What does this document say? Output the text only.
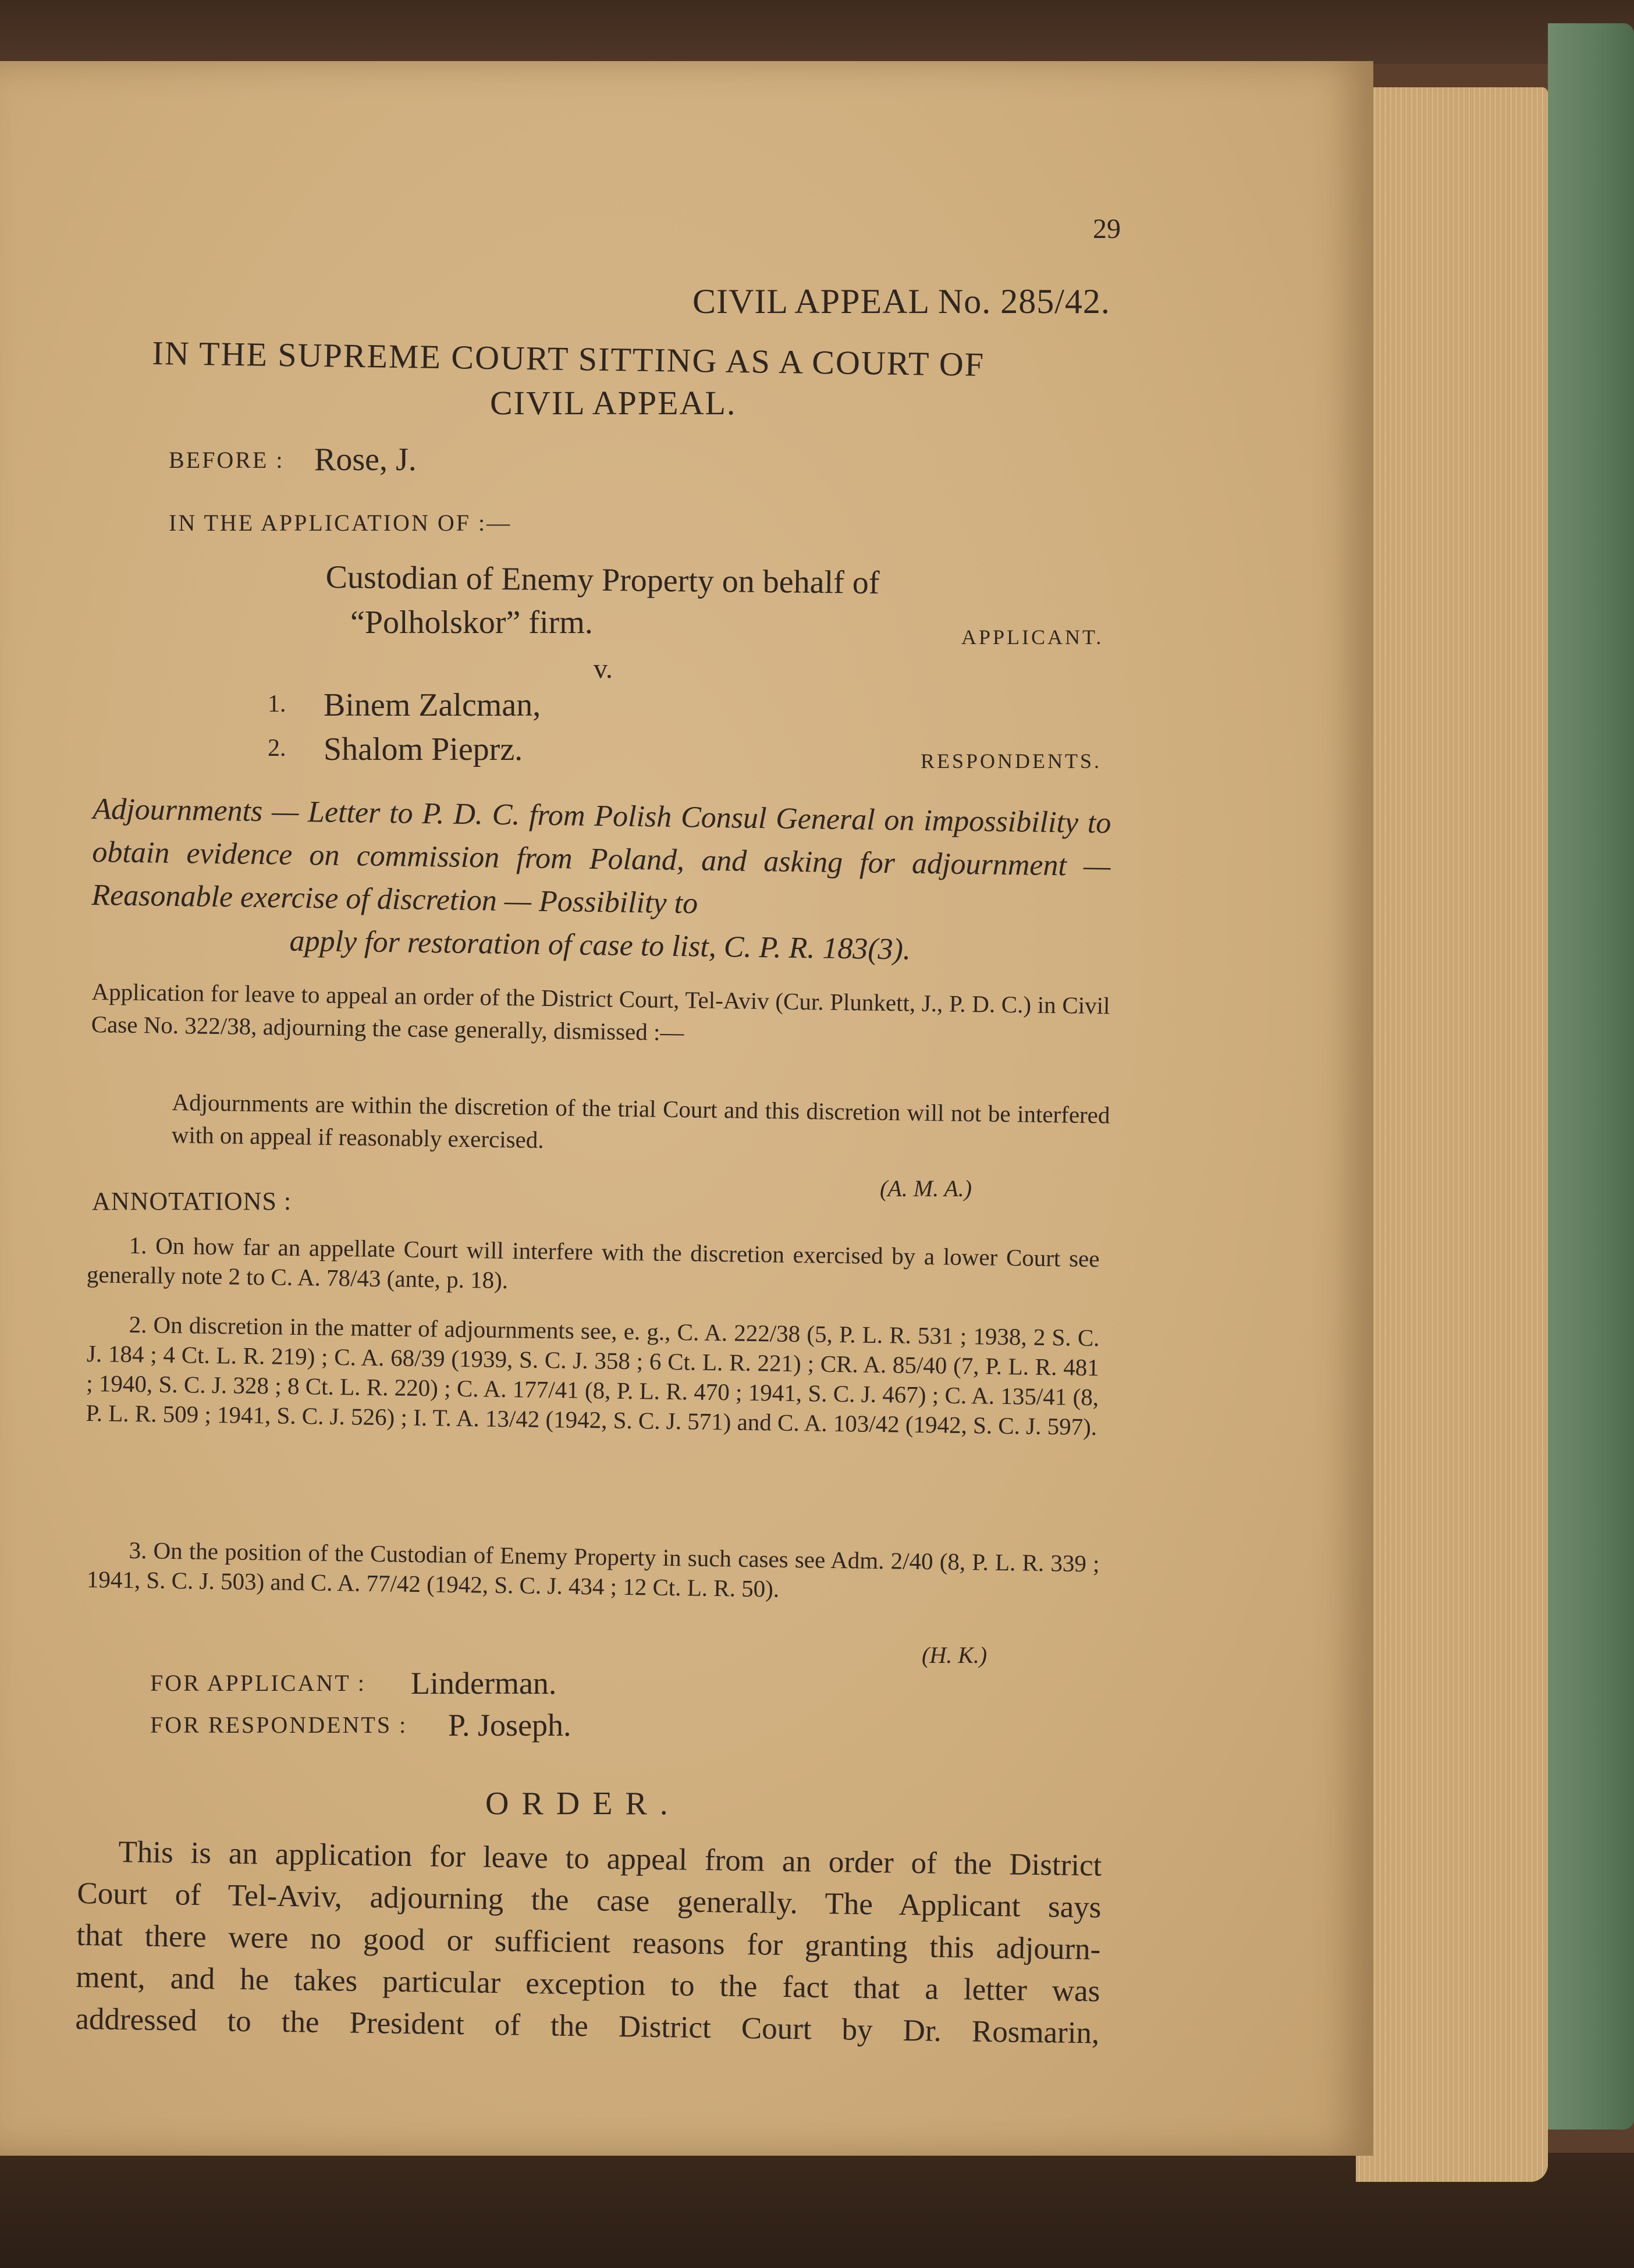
29

CIVIL APPEAL No. 285/42.

IN THE SUPREME COURT SITTING AS A COURT OF

CIVIL APPEAL.

BEFORE : Rose, J.

IN THE APPLICATION OF :—

Custodian of Enemy Property on behalf of

“Polholskor” firm.	APPLICANT.

v.

1. Binem Zalcman,

2. Shalom Pieprz.	RESPONDENTS.

Adjournments — Letter to P. D. C. from Polish Consul General on impossibility to obtain evidence on commission from Poland, and asking for adjournment — Reasonable exercise of discretion — Possibility to
apply for restoration of case to list, C. P. R. 183(3).

Application for leave to appeal an order of the District Court, Tel-Aviv (Cur. Plunkett, J., P. D. C.) in Civil Case No. 322/38, adjourning the case generally, dismissed :—

Adjournments are within the discretion of the trial Court and this discretion will not be interfered with on appeal if reasonably exercised.

(A. M. A.)

ANNOTATIONS :

1. On how far an appellate Court will interfere with the discretion exercised by a lower Court see generally note 2 to C. A. 78/43 (ante, p. 18).

2. On discretion in the matter of adjournments see, e. g., C. A. 222/38 (5, P. L. R. 531 ; 1938, 2 S. C. J. 184 ; 4 Ct. L. R. 219) ; C. A. 68/39 (1939, S. C. J. 358 ; 6 Ct. L. R. 221) ; CR. A. 85/40 (7, P. L. R. 481 ; 1940, S. C. J. 328 ; 8 Ct. L. R. 220) ; C. A. 177/41 (8, P. L. R. 470 ; 1941, S. C. J. 467) ; C. A. 135/41 (8, P. L. R. 509 ; 1941, S. C. J. 526) ; I. T. A. 13/42 (1942, S. C. J. 571) and C. A. 103/42 (1942, S. C. J. 597).

3. On the position of the Custodian of Enemy Property in such cases see Adm. 2/40 (8, P. L. R. 339 ; 1941, S. C. J. 503) and C. A. 77/42 (1942, S. C. J. 434 ; 12 Ct. L. R. 50).

(H. K.)

FOR APPLICANT : Linderman.

FOR RESPONDENTS : P. Joseph.

ORDER.

This is an application for leave to appeal from an order of the District
Court of Tel-Aviv, adjourning the case generally. The Applicant says
that there were no good or sufficient reasons for granting this adjourn-
ment, and he takes particular exception to the fact that a letter was
addressed to the President of the District Court by Dr. Rosmarin,
